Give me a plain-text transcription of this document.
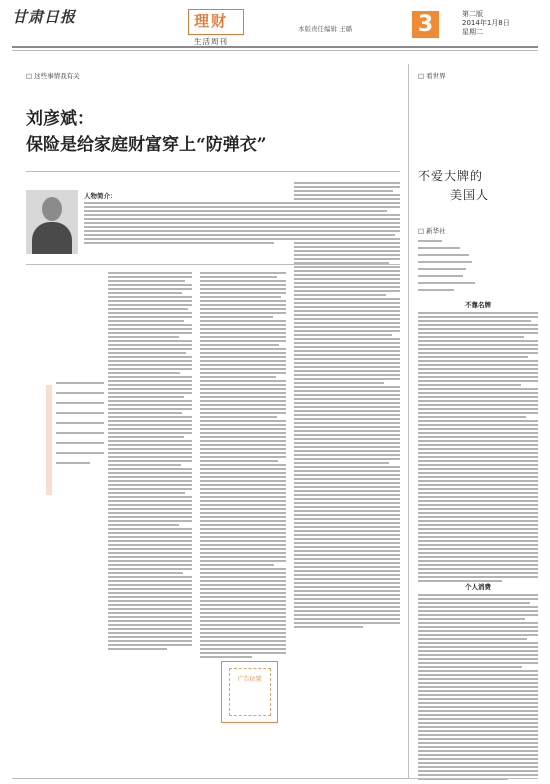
甘肃日报	理财
生活周刊
本版责任编辑 王璐	3	第二版
2014年1月8日
星期二
□ 这些事情我有关
□	看世界
刘彦斌：
保险是给家庭财富穿上“防弹衣”
人物简介：
广告位置
不爱大牌的
美国人
□ 新华社
不靠名牌
个人消费
